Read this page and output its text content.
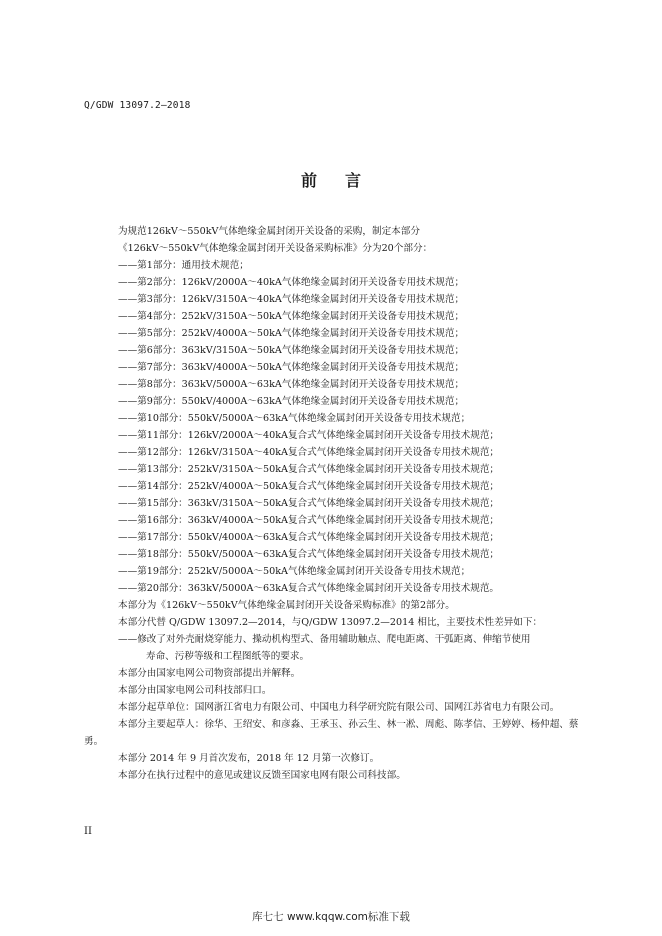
Q/GDW 13097.2—2018
前 言
为规范126kV～550kV气体绝缘金属封闭开关设备的采购，制定本部分
《126kV～550kV气体绝缘金属封闭开关设备采购标准》分为20个部分：
——第1部分：通用技术规范；
——第2部分：126kV/2000A～40kA气体绝缘金属封闭开关设备专用技术规范；
——第3部分：126kV/3150A～40kA气体绝缘金属封闭开关设备专用技术规范；
——第4部分：252kV/3150A～50kA气体绝缘金属封闭开关设备专用技术规范；
——第5部分：252kV/4000A～50kA气体绝缘金属封闭开关设备专用技术规范；
——第6部分：363kV/3150A～50kA气体绝缘金属封闭开关设备专用技术规范；
——第7部分：363kV/4000A～50kA气体绝缘金属封闭开关设备专用技术规范；
——第8部分：363kV/5000A～63kA气体绝缘金属封闭开关设备专用技术规范；
——第9部分：550kV/4000A～63kA气体绝缘金属封闭开关设备专用技术规范；
——第10部分：550kV/5000A～63kA气体绝缘金属封闭开关设备专用技术规范；
——第11部分：126kV/2000A～40kA复合式气体绝缘金属封闭开关设备专用技术规范；
——第12部分：126kV/3150A～40kA复合式气体绝缘金属封闭开关设备专用技术规范；
——第13部分：252kV/3150A～50kA复合式气体绝缘金属封闭开关设备专用技术规范；
——第14部分：252kV/4000A～50kA复合式气体绝缘金属封闭开关设备专用技术规范；
——第15部分：363kV/3150A～50kA复合式气体绝缘金属封闭开关设备专用技术规范；
——第16部分：363kV/4000A～50kA复合式气体绝缘金属封闭开关设备专用技术规范；
——第17部分：550kV/4000A～63kA复合式气体绝缘金属封闭开关设备专用技术规范；
——第18部分：550kV/5000A～63kA复合式气体绝缘金属封闭开关设备专用技术规范；
——第19部分：252kV/5000A～50kA气体绝缘金属封闭开关设备专用技术规范；
——第20部分：363kV/5000A～63kA复合式气体绝缘金属封闭开关设备专用技术规范。
本部分为《126kV～550kV气体绝缘金属封闭开关设备采购标准》的第2部分。
本部分代替 Q/GDW 13097.2—2014，与Q/GDW 13097.2—2014 相比，主要技术性差异如下：
——修改了对外壳耐烧穿能力、操动机构型式、备用辅助触点、爬电距离、干弧距离、伸缩节使用
寿命、污秽等级和工程图纸等的要求。
本部分由国家电网公司物资部提出并解释。
本部分由国家电网公司科技部归口。
本部分起草单位：国网浙江省电力有限公司、中国电力科学研究院有限公司、国网江苏省电力有限公司。
本部分主要起草人：徐华、王绍安、和彦淼、王承玉、孙云生、林一凇、周彪、陈孝信、王婷婷、杨仲超、蔡勇。
本部分 2014 年 9 月首次发布，2018 年 12 月第一次修订。
本部分在执行过程中的意见或建议反馈至国家电网有限公司科技部。
II
库七七 www.kqqw.com标准下载
